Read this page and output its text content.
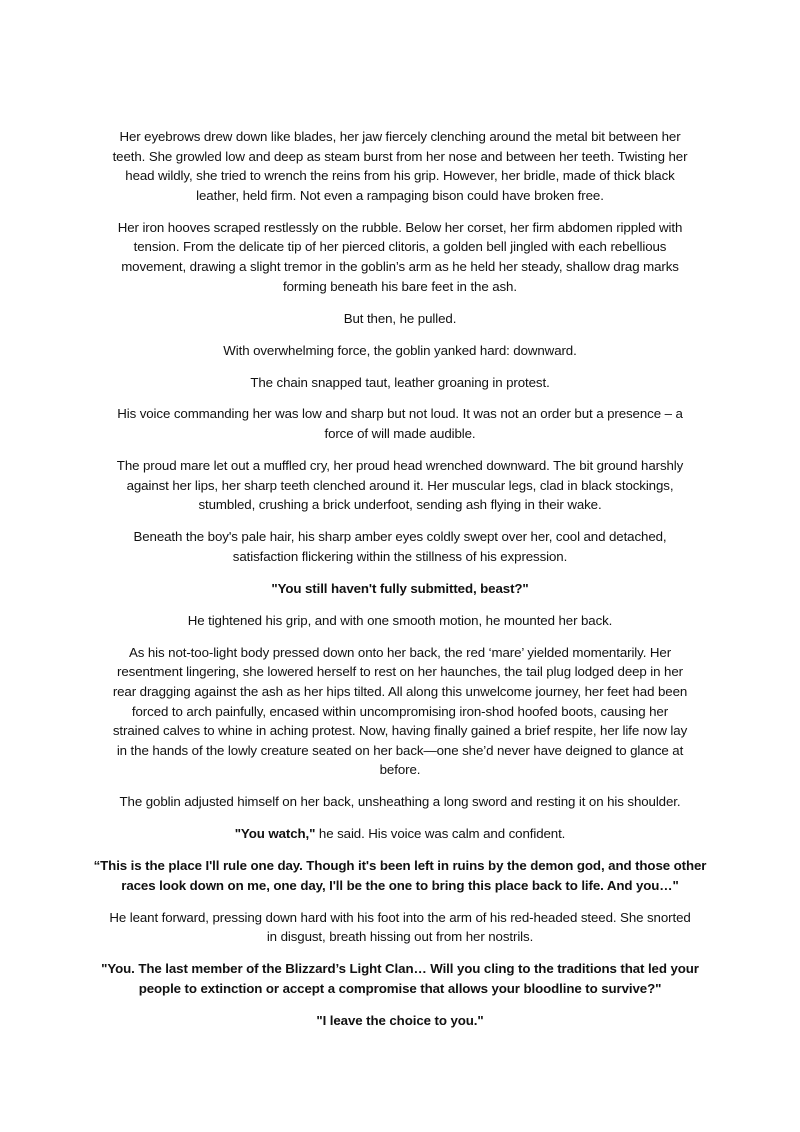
Her eyebrows drew down like blades, her jaw fiercely clenching around the metal bit between her
teeth. She growled low and deep as steam burst from her nose and between her teeth. Twisting her
head wildly, she tried to wrench the reins from his grip. However, her bridle, made of thick black
leather, held firm. Not even a rampaging bison could have broken free.

Her iron hooves scraped restlessly on the rubble. Below her corset, her firm abdomen rippled with
tension. From the delicate tip of her pierced clitoris, a golden bell jingled with each rebellious
movement, drawing a slight tremor in the goblin’s arm as he held her steady, shallow drag marks
forming beneath his bare feet in the ash.

But then, he pulled.

With overwhelming force, the goblin yanked hard: downward.

The chain snapped taut, leather groaning in protest.

His voice commanding her was low and sharp but not loud. It was not an order but a presence – a
force of will made audible.

The proud mare let out a muffled cry, her proud head wrenched downward. The bit ground harshly
against her lips, her sharp teeth clenched around it. Her muscular legs, clad in black stockings,
stumbled, crushing a brick underfoot, sending ash flying in their wake.

Beneath the boy's pale hair, his sharp amber eyes coldly swept over her, cool and detached,
satisfaction flickering within the stillness of his expression.

"You still haven't fully submitted, beast?"

He tightened his grip, and with one smooth motion, he mounted her back.

As his not-too-light body pressed down onto her back, the red ‘mare’ yielded momentarily. Her
resentment lingering, she lowered herself to rest on her haunches, the tail plug lodged deep in her
rear dragging against the ash as her hips tilted. All along this unwelcome journey, her feet had been
forced to arch painfully, encased within uncompromising iron-shod hoofed boots, causing her
strained calves to whine in aching protest. Now, having finally gained a brief respite, her life now lay
in the hands of the lowly creature seated on her back—one she’d never have deigned to glance at
before.

The goblin adjusted himself on her back, unsheathing a long sword and resting it on his shoulder.

"You watch," he said. His voice was calm and confident.

“This is the place I'll rule one day. Though it's been left in ruins by the demon god, and those other
races look down on me, one day, I'll be the one to bring this place back to life. And you…"

He leant forward, pressing down hard with his foot into the arm of his red-headed steed. She snorted
in disgust, breath hissing out from her nostrils.

"You. The last member of the Blizzard’s Light Clan… Will you cling to the traditions that led your
people to extinction or accept a compromise that allows your bloodline to survive?"

"I leave the choice to you."
